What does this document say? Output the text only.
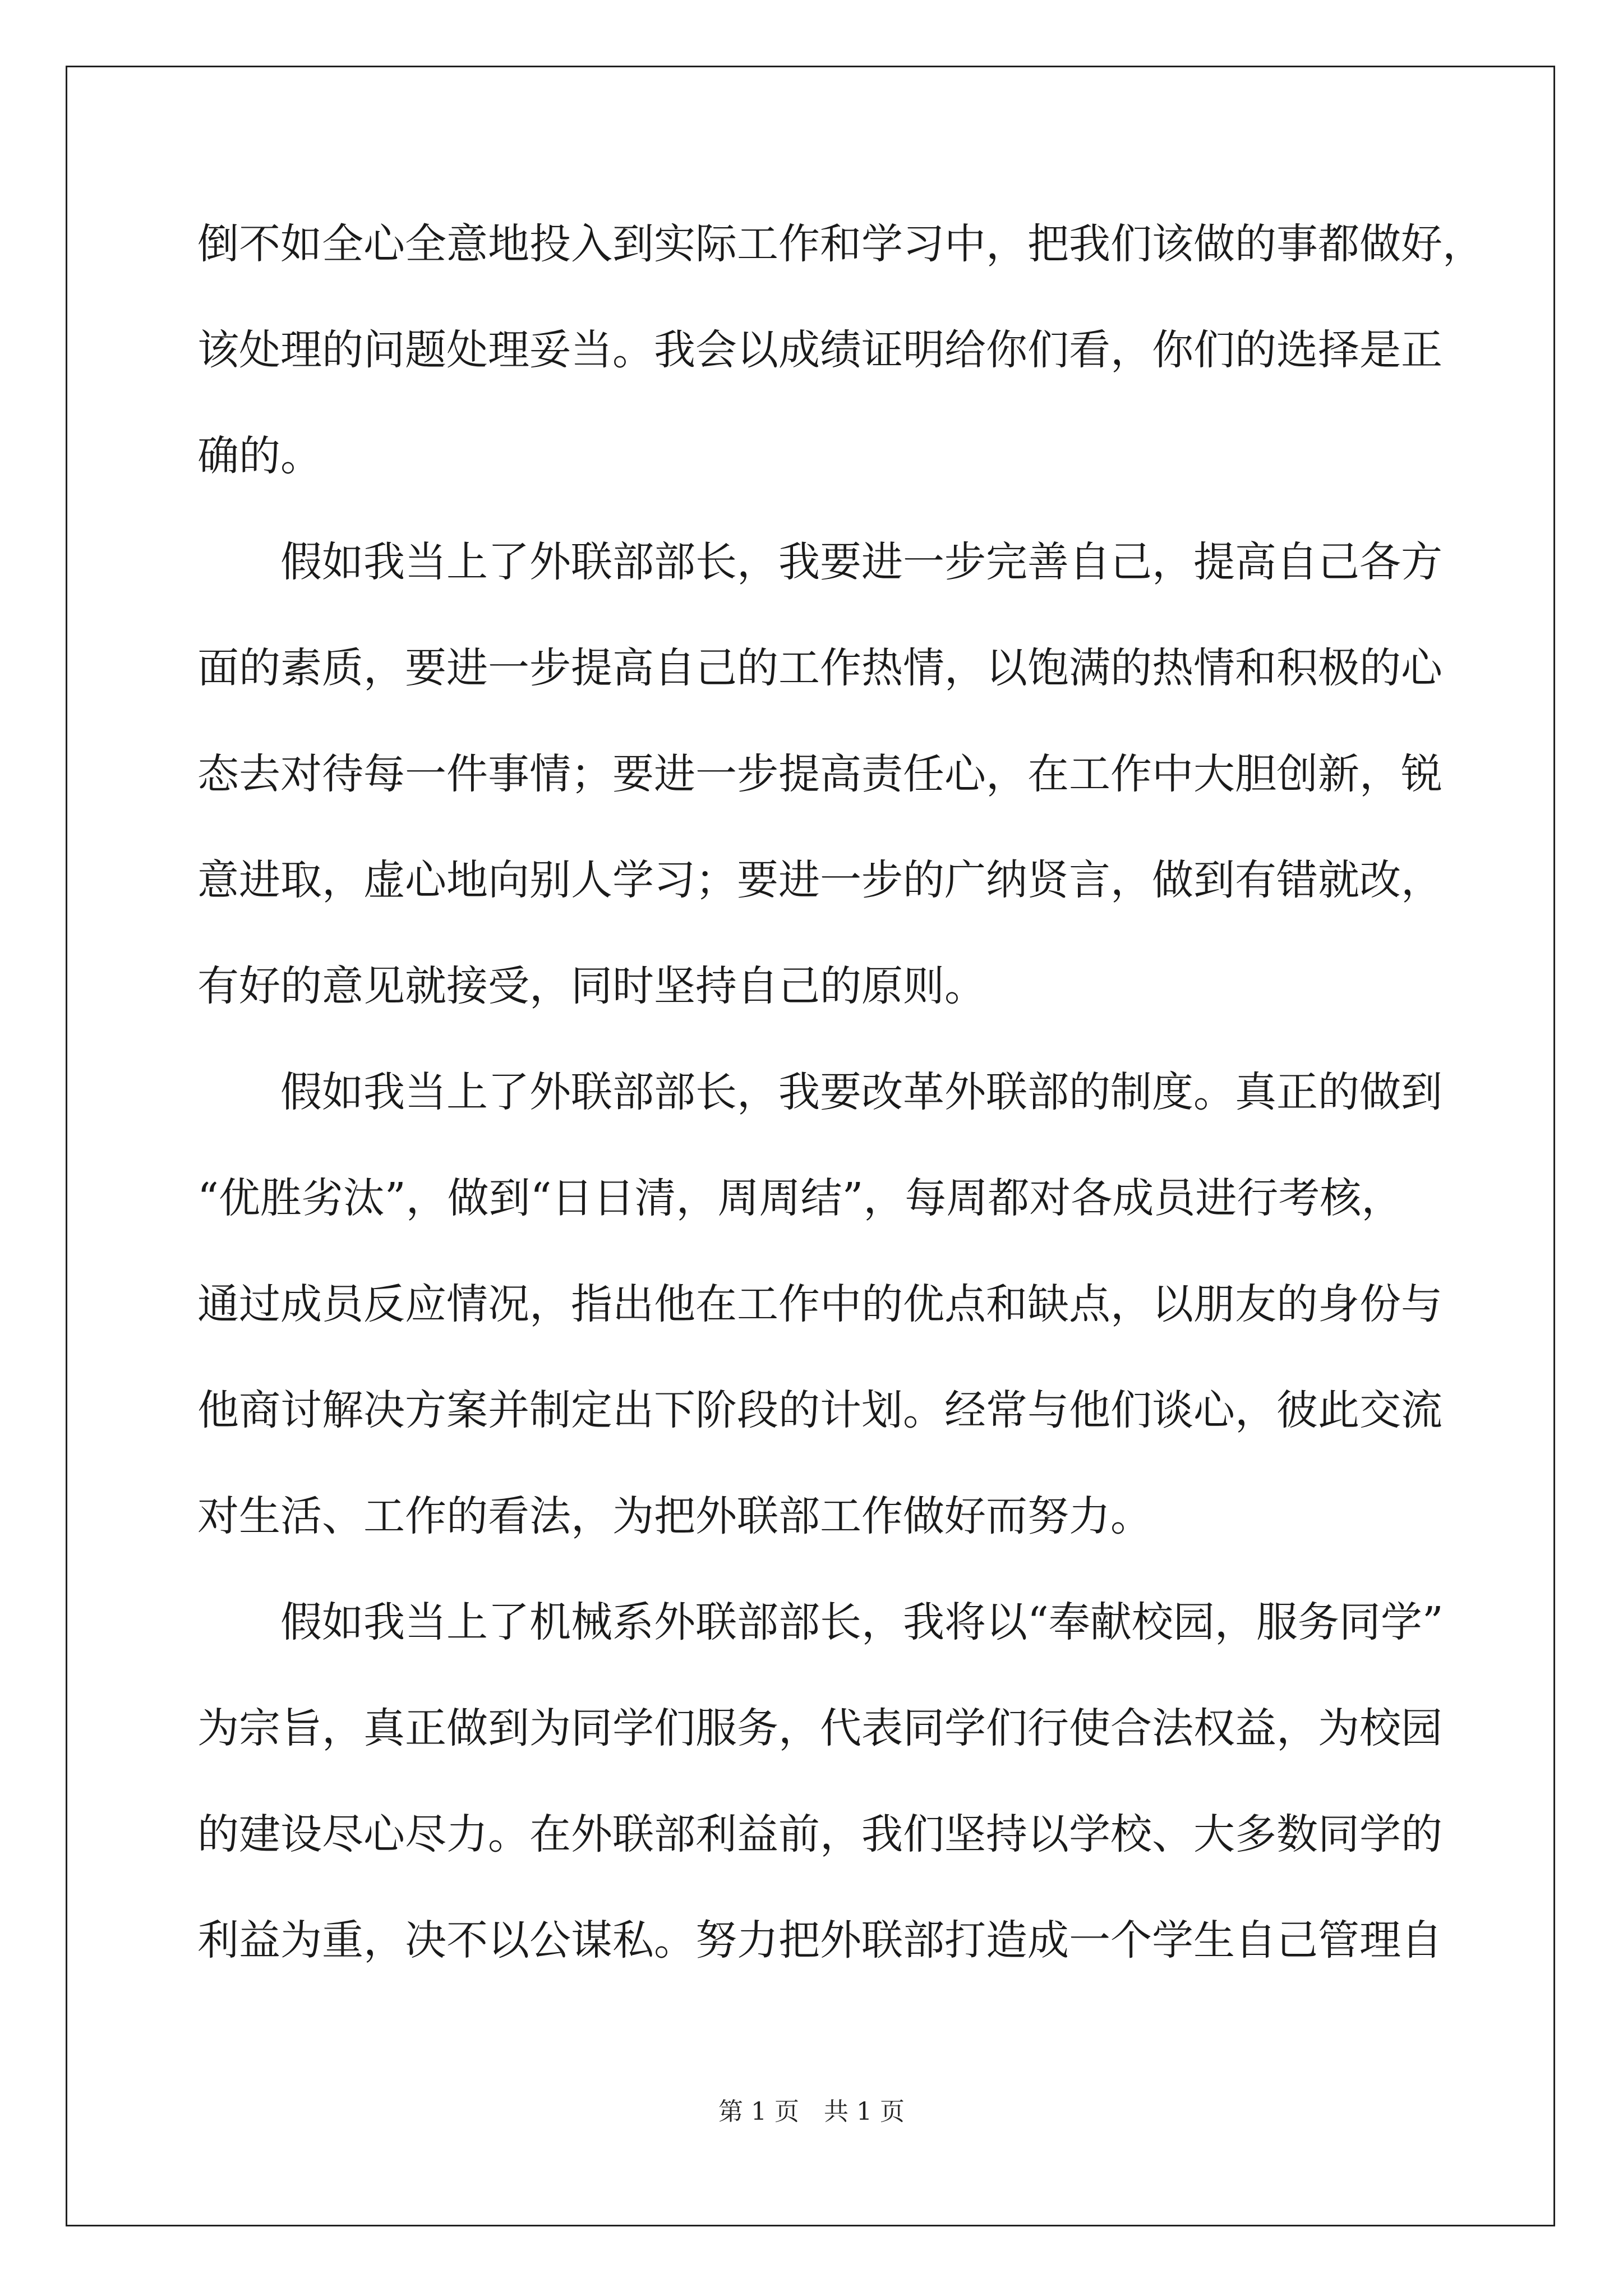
倒不如全心全意地投入到实际工作和学习中，把我们该做的事都做好，
该处理的问题处理妥当。我会以成绩证明给你们看，你们的选择是正
确的。
　　假如我当上了外联部部长，我要进一步完善自己，提高自己各方
面的素质，要进一步提高自己的工作热情，以饱满的热情和积极的心
态去对待每一件事情；要进一步提高责任心，在工作中大胆创新，锐
意进取，虚心地向别人学习；要进一步的广纳贤言，做到有错就改，
有好的意见就接受，同时坚持自己的原则。
　　假如我当上了外联部部长，我要改革外联部的制度。真正的做到
“优胜劣汰”，做到“日日清，周周结”，每周都对各成员进行考核，
通过成员反应情况，指出他在工作中的优点和缺点，以朋友的身份与
他商讨解决方案并制定出下阶段的计划。经常与他们谈心，彼此交流
对生活、工作的看法，为把外联部工作做好而努力。
　　假如我当上了机械系外联部部长，我将以“奉献校园，服务同学”
为宗旨，真正做到为同学们服务，代表同学们行使合法权益，为校园
的建设尽心尽力。在外联部利益前，我们坚持以学校、大多数同学的
利益为重，决不以公谋私。努力把外联部打造成一个学生自己管理自
第 1 页　共 1 页
